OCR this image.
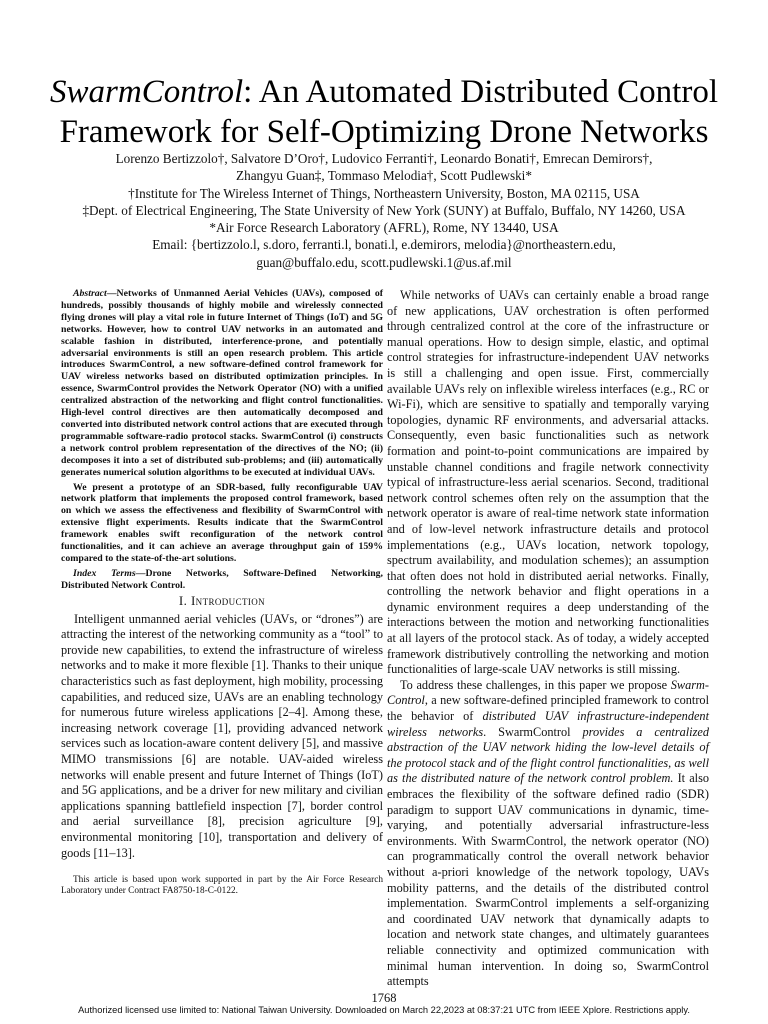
SwarmControl: An Automated Distributed Control Framework for Self-Optimizing Drone Networks
Lorenzo Bertizzolo†, Salvatore D’Oro†, Ludovico Ferranti†, Leonardo Bonati†, Emrecan Demirors†,
Zhangyu Guan‡, Tommaso Melodia†, Scott Pudlewski*
†Institute for The Wireless Internet of Things, Northeastern University, Boston, MA 02115, USA
‡Dept. of Electrical Engineering, The State University of New York (SUNY) at Buffalo, Buffalo, NY 14260, USA
*Air Force Research Laboratory (AFRL), Rome, NY 13440, USA
Email: {bertizzolo.l, s.doro, ferranti.l, bonati.l, e.demirors, melodia}@northeastern.edu,
guan@buffalo.edu, scott.pudlewski.1@us.af.mil

Abstract—Networks of Unmanned Aerial Vehicles (UAVs), composed of hundreds, possibly thousands of highly mobile and wirelessly connected flying drones will play a vital role in future Internet of Things (IoT) and 5G networks. However, how to control UAV networks in an automated and scalable fashion in distributed, interference-prone, and potentially adversarial environments is still an open research problem. This article introduces SwarmControl, a new software-defined control framework for UAV wireless networks based on distributed optimization principles. In essence, SwarmControl provides the Network Operator (NO) with a unified centralized abstraction of the networking and flight control functionalities. High-level control directives are then automatically decomposed and converted into distributed network control actions that are executed through programmable software-radio protocol stacks. SwarmControl (i) constructs a network control problem representation of the directives of the NO; (ii) decomposes it into a set of distributed sub-problems; and (iii) automatically generates numerical solution algorithms to be executed at individual UAVs.

We present a prototype of an SDR-based, fully reconfigurable UAV network platform that implements the proposed control framework, based on which we assess the effectiveness and flexibility of SwarmControl with extensive flight experiments. Results indicate that the SwarmControl framework enables swift reconfiguration of the network control functionalities, and it can achieve an average throughput gain of 159% compared to the state-of-the-art solutions.

Index Terms—Drone Networks, Software-Defined Networking, Distributed Network Control.

I. Introduction

Intelligent unmanned aerial vehicles (UAVs, or “drones”) are attracting the interest of the networking community as a “tool” to provide new capabilities, to extend the infrastructure of wireless networks and to make it more flexible [1]. Thanks to their unique characteristics such as fast deployment, high mobility, processing capabilities, and reduced size, UAVs are an enabling technology for numerous future wireless applications [2–4]. Among these, increasing network coverage [1], providing advanced network services such as location-aware content delivery [5], and massive MIMO transmissions [6] are notable. UAV-aided wireless networks will enable present and future Internet of Things (IoT) and 5G applications, and be a driver for new military and civilian applications spanning battlefield inspection [7], border control and aerial surveillance [8], precision agriculture [9], environmental monitoring [10], transportation and delivery of goods [11–13].

This article is based upon work supported in part by the Air Force Research Laboratory under Contract FA8750-18-C-0122.

While networks of UAVs can certainly enable a broad range of new applications, UAV orchestration is often performed through centralized control at the core of the infrastructure or manual operations. How to design simple, elastic, and optimal control strategies for infrastructure-independent UAV networks is still a challenging and open issue. First, commercially available UAVs rely on inflexible wireless interfaces (e.g., RC or Wi-Fi), which are sensitive to spatially and temporally varying topologies, dynamic RF environments, and adversarial attacks. Consequently, even basic functionalities such as network formation and point-to-point communications are impaired by unstable channel conditions and fragile network connectivity typical of infrastructure-less aerial scenarios. Second, traditional network control schemes often rely on the assumption that the network operator is aware of real-time network state information and of low-level network infrastructure details and protocol implementations (e.g., UAVs location, network topology, spectrum availability, and modulation schemes); an assumption that often does not hold in distributed aerial networks. Finally, controlling the network behavior and flight operations in a dynamic environment requires a deep understanding of the interactions between the motion and networking functionalities at all layers of the protocol stack. As of today, a widely accepted framework distributively controlling the networking and motion functionalities of large-scale UAV networks is still missing.

To address these challenges, in this paper we propose Swarm-Control, a new software-defined principled framework to control the behavior of distributed UAV infrastructure-independent wireless networks. SwarmControl provides a centralized abstraction of the UAV network hiding the low-level details of the protocol stack and of the flight control functionalities, as well as the distributed nature of the network control problem. It also embraces the flexibility of the software defined radio (SDR) paradigm to support UAV communications in dynamic, time-varying, and potentially adversarial infrastructure-less environments. With SwarmControl, the network operator (NO) can programmatically control the overall network behavior without a-priori knowledge of the network topology, UAVs mobility patterns, and the details of the distributed control implementation. SwarmControl implements a self-organizing and coordinated UAV network that dynamically adapts to location and network state changes, and ultimately guarantees reliable connectivity and optimized communication with minimal human intervention. In doing so, SwarmControl attempts

1768
Authorized licensed use limited to: National Taiwan University. Downloaded on March 22,2023 at 08:37:21 UTC from IEEE Xplore. Restrictions apply.
